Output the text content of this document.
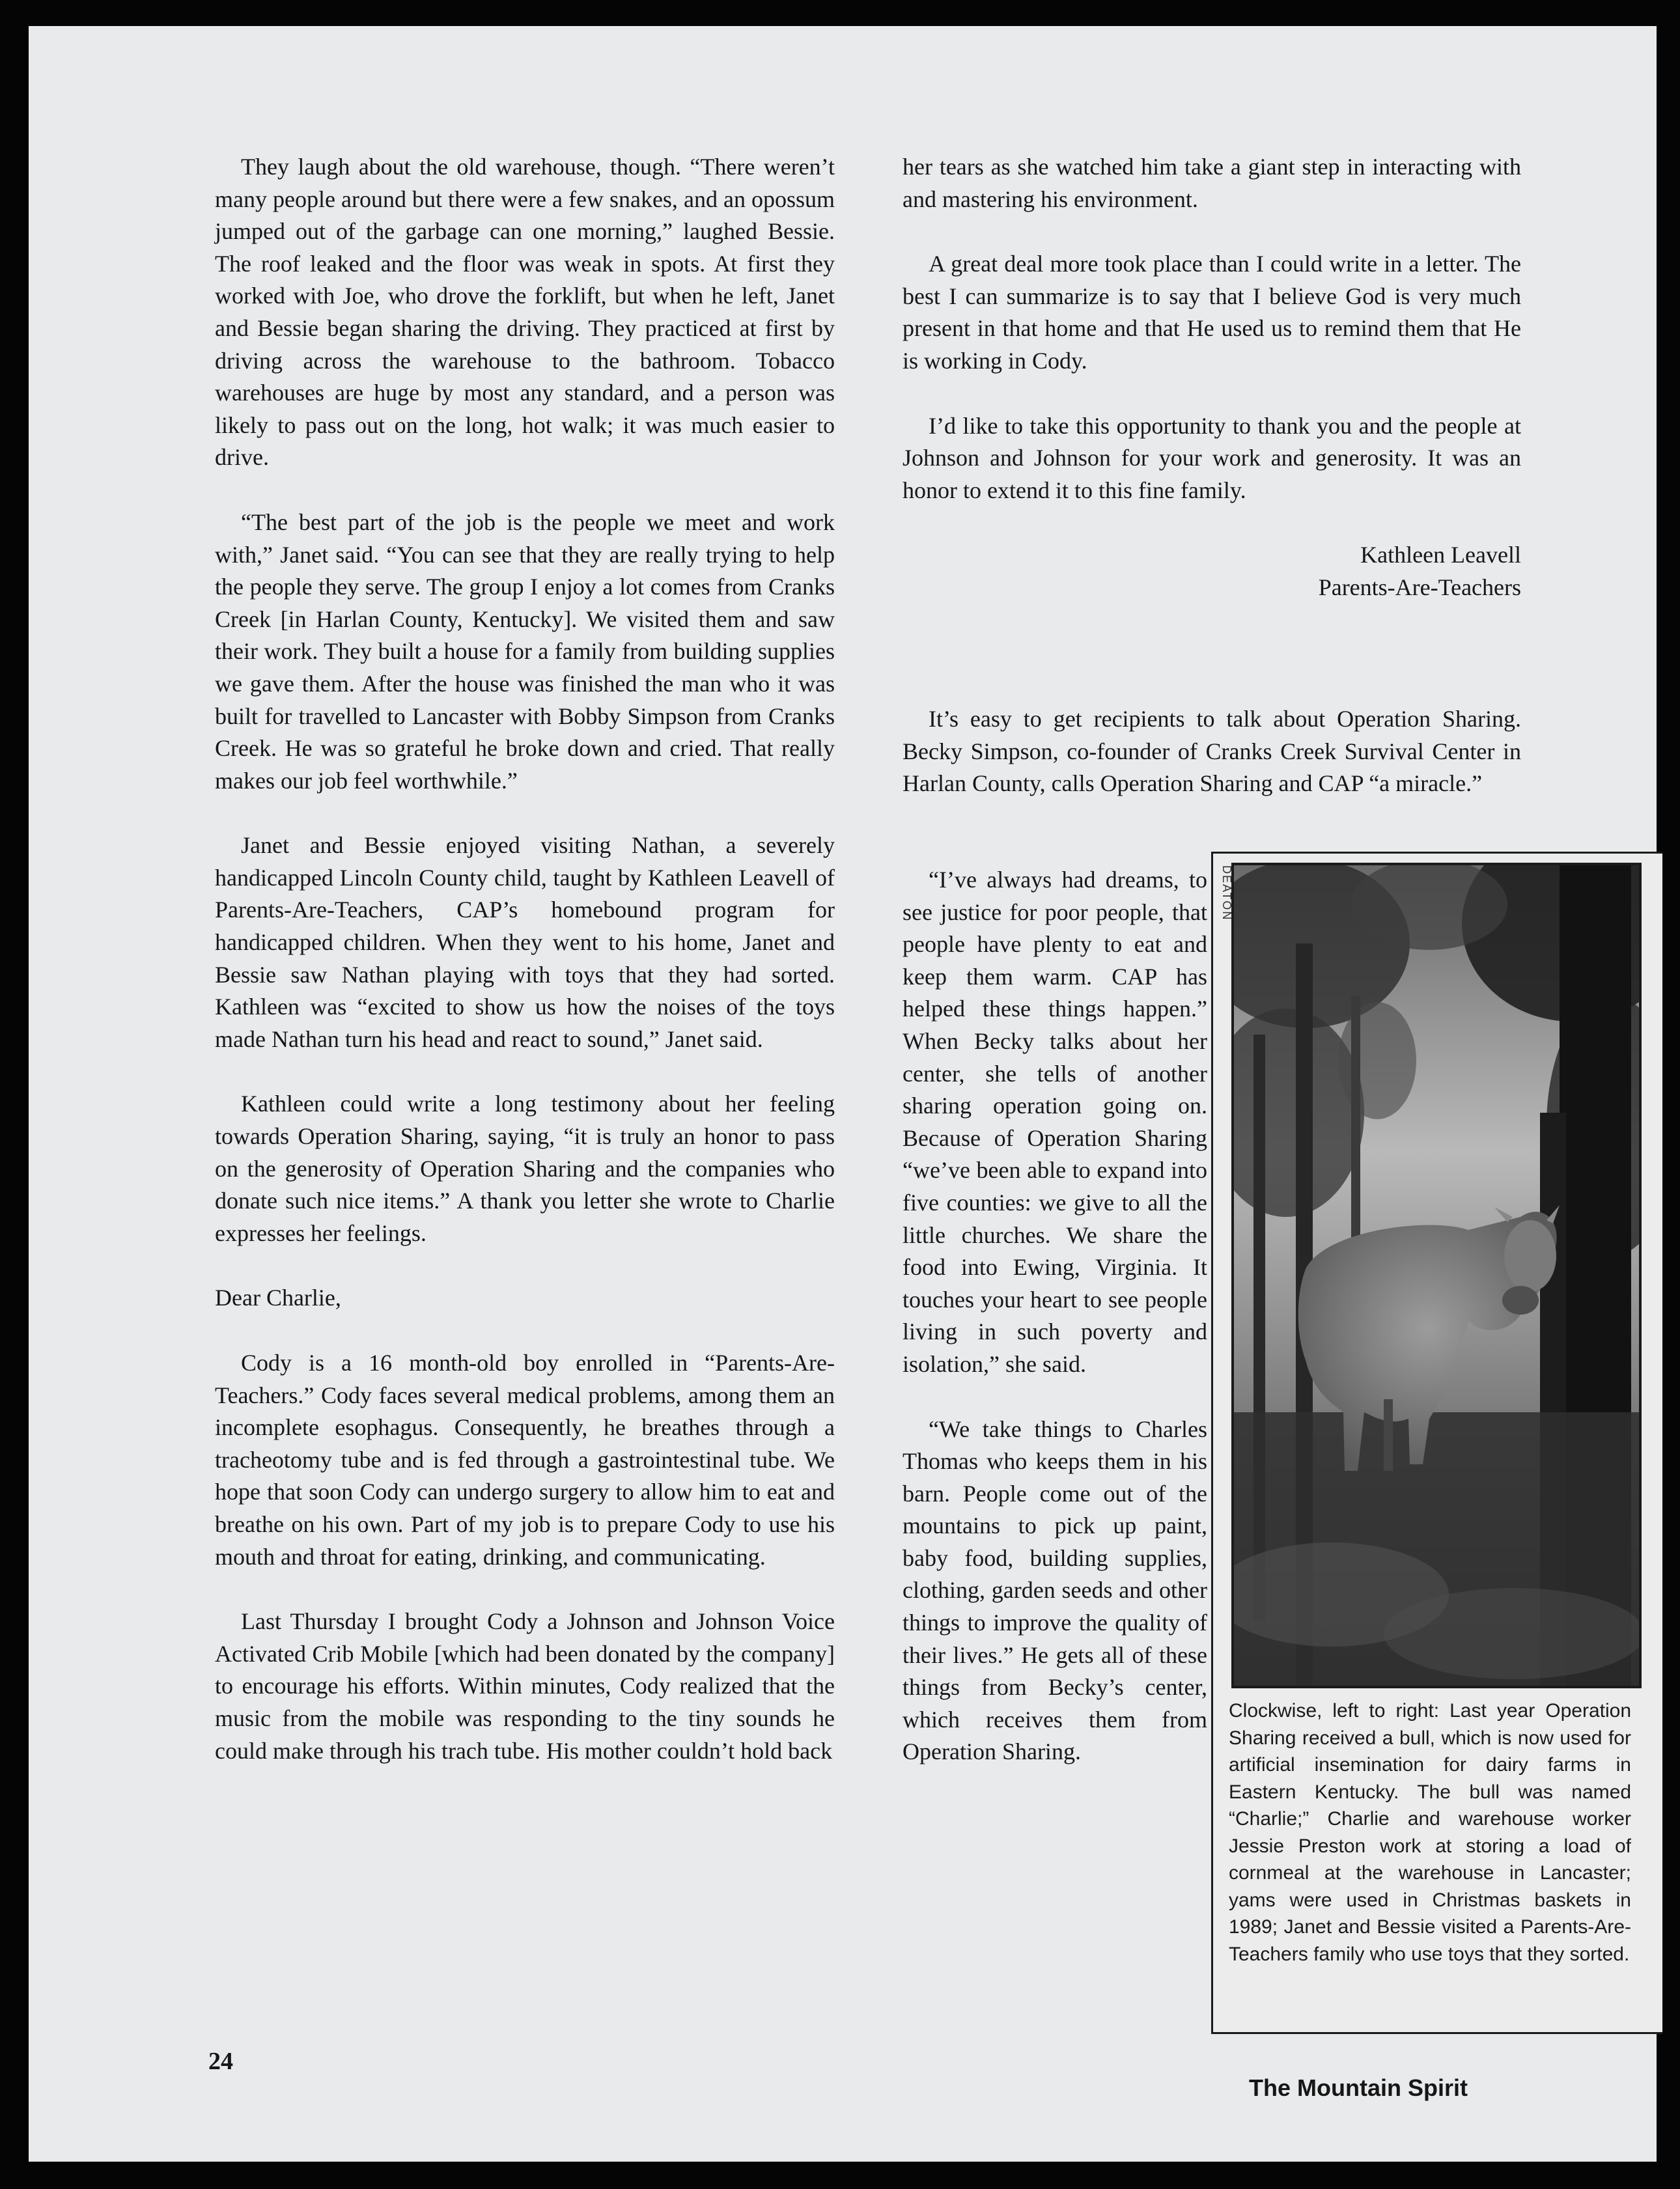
They laugh about the old warehouse, though. “There weren’t many people around but there were a few snakes, and an opossum jumped out of the garbage can one morning,” laughed Bessie. The roof leaked and the floor was weak in spots. At first they worked with Joe, who drove the forklift, but when he left, Janet and Bessie began sharing the driving. They practiced at first by driving across the warehouse to the bathroom. Tobacco warehouses are huge by most any standard, and a person was likely to pass out on the long, hot walk; it was much easier to drive.

“The best part of the job is the people we meet and work with,” Janet said. “You can see that they are really trying to help the people they serve. The group I enjoy a lot comes from Cranks Creek [in Harlan County, Kentucky]. We visited them and saw their work. They built a house for a family from building supplies we gave them. After the house was finished the man who it was built for travelled to Lancaster with Bobby Simpson from Cranks Creek. He was so grateful he broke down and cried. That really makes our job feel worthwhile.”

Janet and Bessie enjoyed visiting Nathan, a severely handicapped Lincoln County child, taught by Kathleen Leavell of Parents-Are-Teachers, CAP’s homebound program for handicapped children. When they went to his home, Janet and Bessie saw Nathan playing with toys that they had sorted. Kathleen was “excited to show us how the noises of the toys made Nathan turn his head and react to sound,” Janet said.

Kathleen could write a long testimony about her feeling towards Operation Sharing, saying, “it is truly an honor to pass on the generosity of Operation Sharing and the companies who donate such nice items.” A thank you letter she wrote to Charlie expresses her feelings.

Dear Charlie,

Cody is a 16 month-old boy enrolled in “Parents-Are-Teachers.” Cody faces several medical problems, among them an incomplete esophagus. Consequently, he breathes through a tracheotomy tube and is fed through a gastrointestinal tube. We hope that soon Cody can undergo surgery to allow him to eat and breathe on his own. Part of my job is to prepare Cody to use his mouth and throat for eating, drinking, and communicating.

Last Thursday I brought Cody a Johnson and Johnson Voice Activated Crib Mobile [which had been donated by the company] to encourage his efforts. Within minutes, Cody realized that the music from the mobile was responding to the tiny sounds he could make through his trach tube. His mother couldn’t hold back

her tears as she watched him take a giant step in interacting with and mastering his environment.

A great deal more took place than I could write in a letter. The best I can summarize is to say that I believe God is very much present in that home and that He used us to remind them that He is working in Cody.

I’d like to take this opportunity to thank you and the people at Johnson and Johnson for your work and generosity. It was an honor to extend it to this fine family.

Kathleen Leavell
Parents-Are-Teachers

It’s easy to get recipients to talk about Operation Sharing. Becky Simpson, co-founder of Cranks Creek Survival Center in Harlan County, calls Operation Sharing and CAP “a miracle.”

“I’ve always had dreams, to see justice for poor people, that people have plenty to eat and keep them warm. CAP has helped these things happen.” When Becky talks about her center, she tells of another sharing operation going on. Because of Operation Sharing “we’ve been able to expand into five counties: we give to all the little churches. We share the food into Ewing, Virginia. It touches your heart to see people living in such poverty and isolation,” she said.

“We take things to Charles Thomas who keeps them in his barn. People come out of the mountains to pick up paint, baby food, building supplies, clothing, garden seeds and other things to improve the quality of their lives.” He gets all of these things from Becky’s center, which receives them from Operation Sharing.

DEATON
Clockwise, left to right: Last year Operation Sharing received a bull, which is now used for artificial insemination for dairy farms in Eastern Kentucky. The bull was named “Charlie;” Charlie and warehouse worker Jessie Preston work at storing a load of cornmeal at the warehouse in Lancaster; yams were used in Christmas baskets in 1989; Janet and Bessie visited a Parents-Are-Teachers family who use toys that they sorted.
24
The Mountain Spirit
